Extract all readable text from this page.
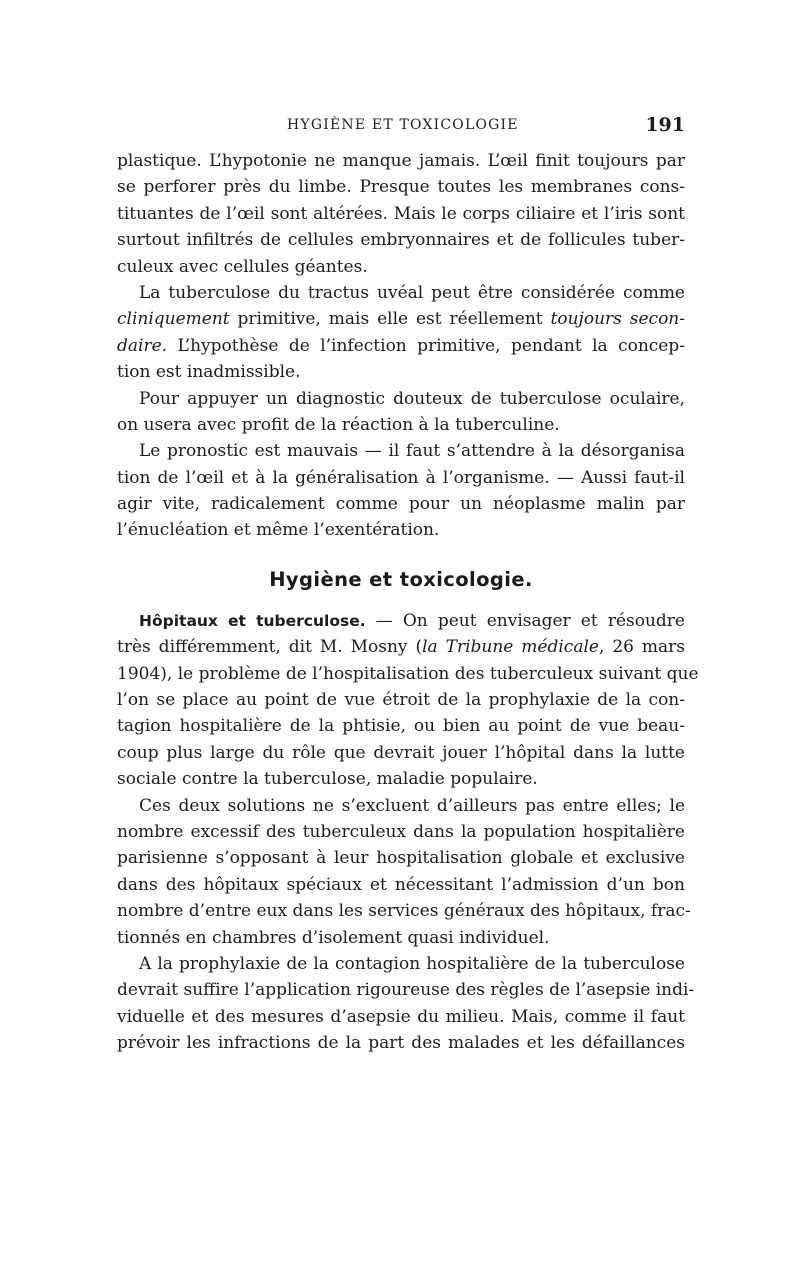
HYGIÈNE ET TOXICOLOGIE	191
plastique. L’hypotonie ne manque jamais. L’œil finit toujours par
se perforer près du limbe. Presque toutes les membranes cons-
tituantes de l’œil sont altérées. Mais le corps ciliaire et l’iris sont
surtout infiltrés de cellules embryonnaires et de follicules tuber-
culeux avec cellules géantes.
La tuberculose du tractus uvéal peut être considérée comme
cliniquement primitive, mais elle est réellement toujours secon-
daire. L’hypothèse de l’infection primitive, pendant la concep-
tion est inadmissible.
Pour appuyer un diagnostic douteux de tuberculose oculaire,
on usera avec profit de la réaction à la tuberculine.
Le pronostic est mauvais — il faut s’attendre à la désorganisa
tion de l’œil et à la généralisation à l’organisme. — Aussi faut-il
agir vite, radicalement comme pour un néoplasme malin par
l’énucléation et même l’exentération.
Hygiène et toxicologie.
Hôpitaux et tuberculose. — On peut envisager et résoudre
très différemment, dit M. Mosny (la Tribune médicale, 26 mars
1904), le problème de l’hospitalisation des tuberculeux suivant que
l’on se place au point de vue étroit de la prophylaxie de la con-
tagion hospitalière de la phtisie, ou bien au point de vue beau-
coup plus large du rôle que devrait jouer l’hôpital dans la lutte
sociale contre la tuberculose, maladie populaire.
Ces deux solutions ne s’excluent d’ailleurs pas entre elles; le
nombre excessif des tuberculeux dans la population hospitalière
parisienne s’opposant à leur hospitalisation globale et exclusive
dans des hôpitaux spéciaux et nécessitant l’admission d’un bon
nombre d’entre eux dans les services généraux des hôpitaux, frac-
tionnés en chambres d’isolement quasi individuel.
A la prophylaxie de la contagion hospitalière de la tuberculose
devrait suffire l’application rigoureuse des règles de l’asepsie indi-
viduelle et des mesures d’asepsie du milieu. Mais, comme il faut
prévoir les infractions de la part des malades et les défaillances
